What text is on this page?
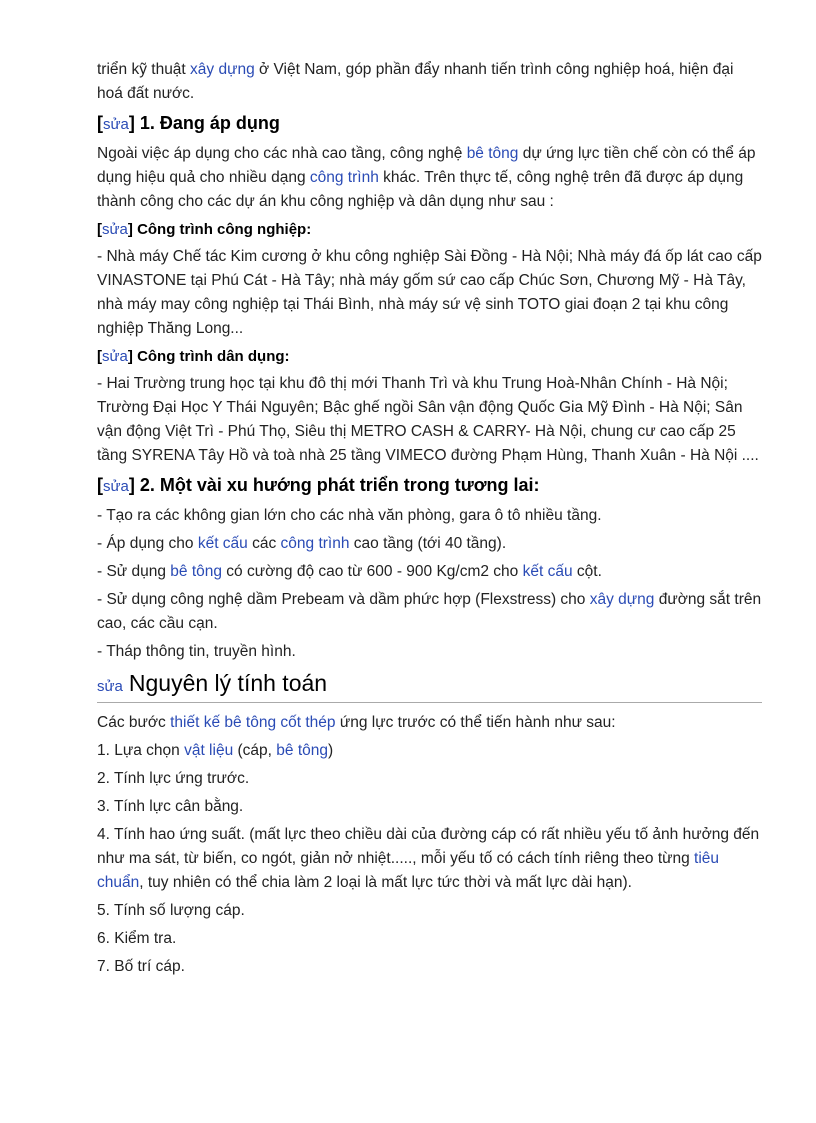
triển kỹ thuật xây dựng ở Việt Nam, góp phần đẩy nhanh tiến trình công nghiệp hoá, hiện đại hoá đất nước.

[sửa] 1. Đang áp dụng

Ngoài việc áp dụng cho các nhà cao tầng, công nghệ bê tông dự ứng lực tiền chế còn có thể áp dụng hiệu quả cho nhiều dạng công trình khác. Trên thực tế, công nghệ trên đã được áp dụng thành công cho các dự án khu công nghiệp và dân dụng như sau :

[sửa] Công trình công nghiệp:

- Nhà máy Chế tác Kim cương ở khu công nghiệp Sài Đồng - Hà Nội; Nhà máy đá ốp lát cao cấp VINASTONE tại Phú Cát - Hà Tây; nhà máy gốm sứ cao cấp Chúc Sơn, Chương Mỹ - Hà Tây, nhà máy may công nghiệp tại Thái Bình, nhà máy sứ vệ sinh TOTO giai đoạn 2 tại khu công nghiệp Thăng Long...

[sửa] Công trình dân dụng:

- Hai Trường trung học tại khu đô thị mới Thanh Trì và khu Trung Hoà-Nhân Chính - Hà Nội; Trường Đại Học Y Thái Nguyên; Bậc ghế ngồi Sân vận động Quốc Gia Mỹ Đình - Hà Nội; Sân vận động Việt Trì - Phú Thọ, Siêu thị METRO CASH & CARRY- Hà Nội, chung cư cao cấp 25 tầng SYRENA Tây Hồ và toà nhà 25 tầng VIMECO đường Phạm Hùng, Thanh Xuân - Hà Nội ....

[sửa] 2. Một vài xu hướng phát triển trong tương lai:

- Tạo ra các không gian lớn cho các nhà văn phòng, gara ô tô nhiều tầng.

- Áp dụng cho kết cấu các công trình cao tầng (tới 40 tầng).

- Sử dụng bê tông có cường độ cao từ 600 - 900 Kg/cm2 cho kết cấu cột.

- Sử dụng công nghệ dầm Prebeam và dầm phức hợp (Flexstress) cho xây dựng đường sắt trên cao, các cầu cạn.

- Tháp thông tin, truyền hình.

sửa Nguyên lý tính toán

Các bước thiết kế bê tông cốt thép ứng lực trước có thể tiến hành như sau:

1. Lựa chọn vật liệu (cáp, bê tông)

2. Tính lực ứng trước.

3. Tính lực cân bằng.

4. Tính hao ứng suất. (mất lực theo chiều dài của đường cáp có rất nhiều yếu tố ảnh hưởng đến như ma sát, từ biến, co ngót, giản nở nhiệt....., mỗi yếu tố có cách tính riêng theo từng tiêu chuẩn, tuy nhiên có thể chia làm 2 loại là mất lực tức thời và mất lực dài hạn).

5. Tính số lượng cáp.

6. Kiểm tra.

7. Bố trí cáp.
